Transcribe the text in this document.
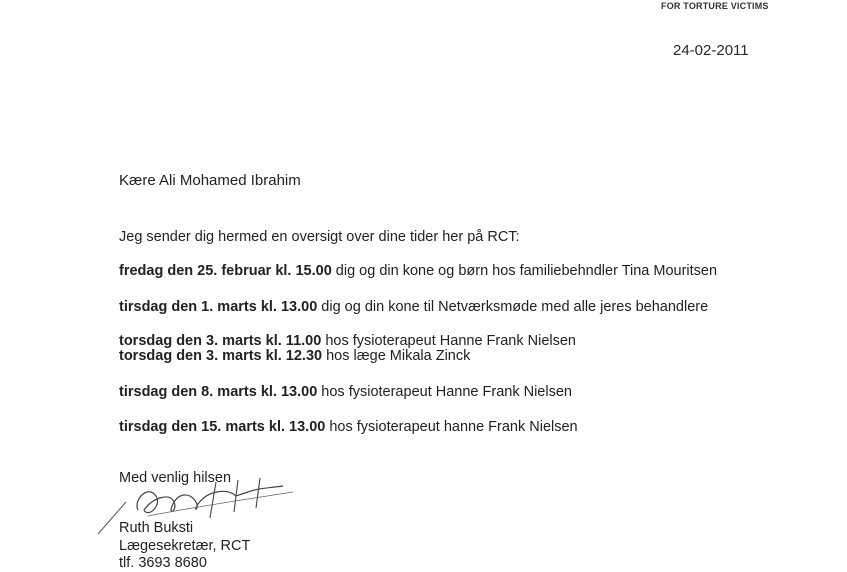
FOR TORTURE VICTIMS
24-02-2011
Kære Ali Mohamed Ibrahim
Jeg sender dig hermed en oversigt over dine tider her på RCT:
fredag den 25. februar kl. 15.00 dig og din kone og børn hos familiebehndler Tina Mouritsen
tirsdag den 1. marts kl. 13.00 dig og din kone til Netværksmøde med alle jeres behandlere
torsdag den 3. marts kl. 11.00 hos fysioterapeut Hanne Frank Nielsen
torsdag den 3. marts kl. 12.30 hos læge Mikala Zinck
tirsdag den 8. marts kl. 13.00 hos fysioterapeut Hanne Frank Nielsen
tirsdag den 15. marts kl. 13.00 hos fysioterapeut hanne Frank Nielsen
Med venlig hilsen
Ruth Buksti
Lægesekretær, RCT
tlf. 3693 8680
